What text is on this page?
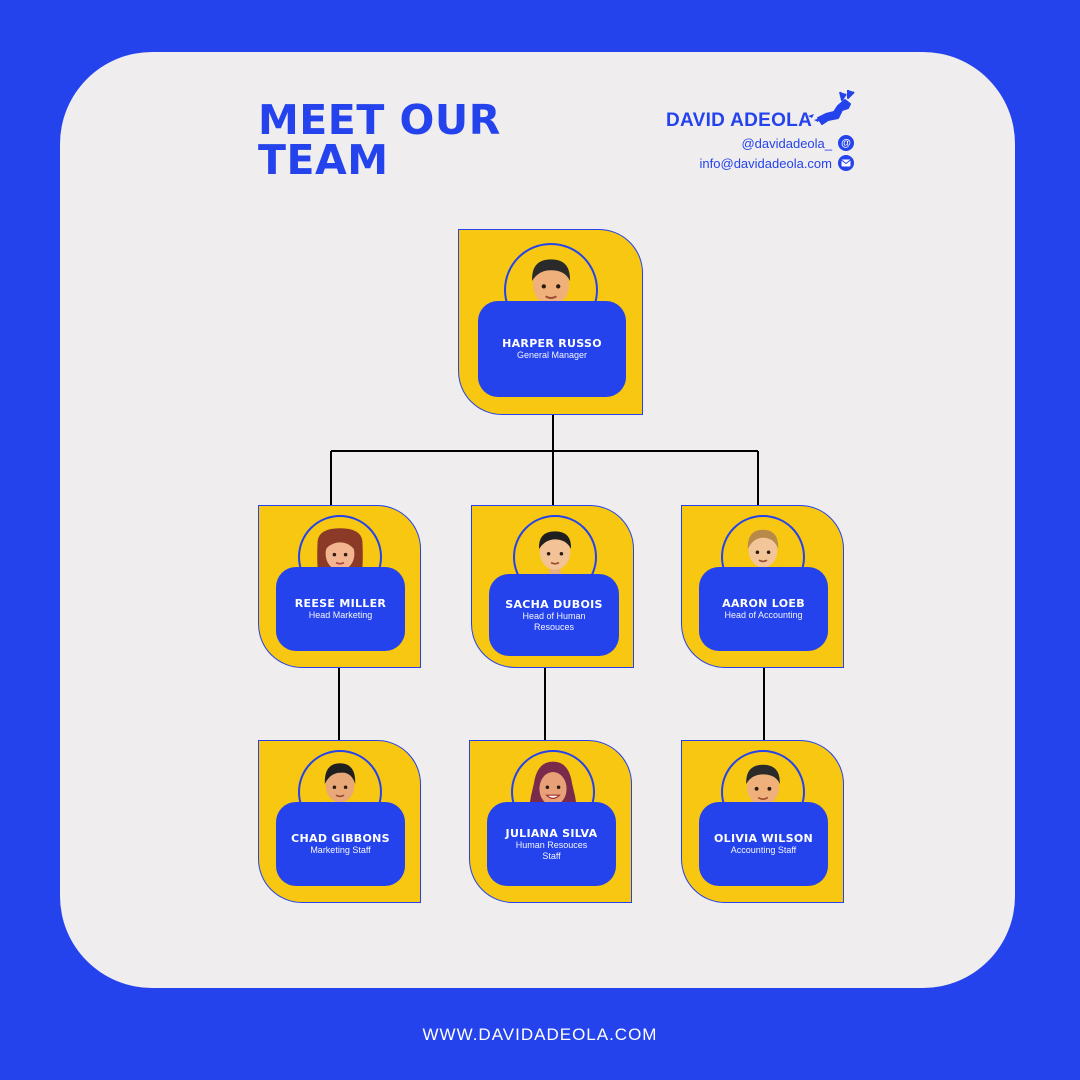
MEET OUR
TEAM
DAVID ADEOLA
@davidadeola_ @
info@davidadeola.com
HARPER RUSSO
General Manager
REESE MILLER
Head Marketing
SACHA DUBOIS
Head of Human Resouces
AARON LOEB
Head of Accounting
CHAD GIBBONS
Marketing Staff
JULIANA SILVA
Human Resouces Staff
OLIVIA WILSON
Accounting Staff
WWW.DAVIDADEOLA.COM
